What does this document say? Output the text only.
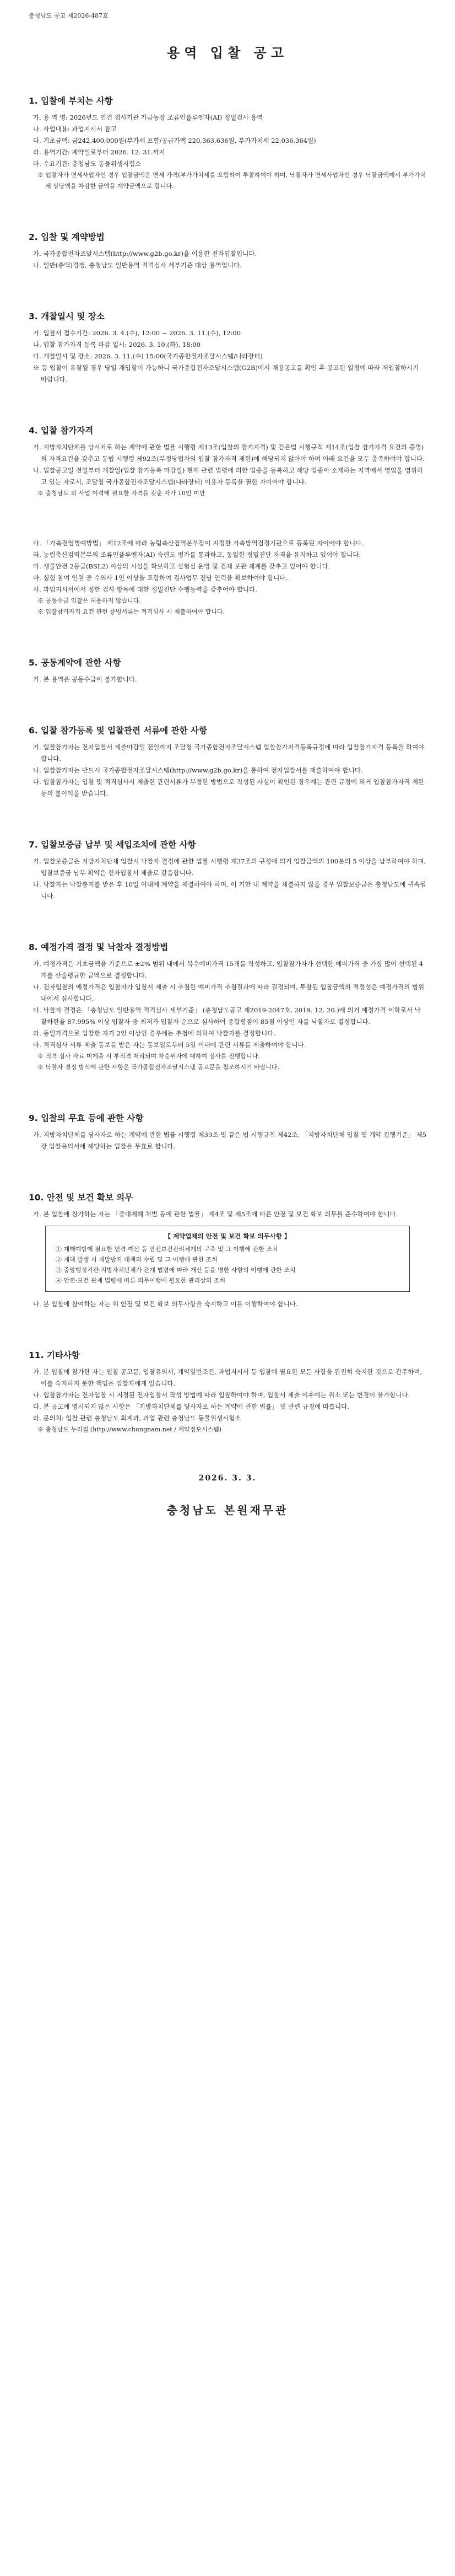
충청남도 공고 제2026-487호

용역 입찰 공고
1. 입찰에 부치는 사항

가. 용 역 명: 2026년도 인건 검사기관 가금농장 조류인플루엔자(AI) 정밀검사 용역

나. 사업내용: 과업지시서 참고

다. 기초금액: 금242,400,000원(부가세 포함/공급가액 220,363,636원, 부가가치세 22,036,364원)

라. 용역기간: 계약일로부터 2026. 12. 31.까지

마. 수요기관: 충청남도 동물위생시험소

※ 입찰자가 면세사업자인 경우 입찰금액은 면세 가격(부가가치세를 포함하여 투찰하여야 하며, 낙찰자가 면세사업자인 경우 낙찰금액에서 부가가치세 상당액을 차감한 금액을 계약금액으로 합니다.

2. 입찰 및 계약방법

가. 국가종합전자조달시스템(http://www.g2b.go.kr)을 이용한 전자입찰입니다.

나. 일반(총액)경쟁, 충청남도 일반용역 적격심사 세부기준 대상 용역입니다.

3. 개찰일시 및 장소

가. 입찰서 접수기간: 2026. 3. 4.(수), 12:00 ~ 2026. 3. 11.(수), 12:00

나. 입찰 참가자격 등록 마감 일시: 2026. 3. 10.(화), 18:00

다. 개찰일시 및 장소: 2026. 3. 11.(수) 15:00(국가종합전자조달시스템/나라장터)

※ 등 입찰이 유찰될 경우 당일 재입찰이 가능하니 국가종합전자조달시스템(G2B)에서 재용공고를 확인 후 공고된 일정에 따라 재입찰하시기 바랍니다.

4. 입찰 참가자격

가. 지방자치단체를 당사자로 하는 계약에 관한 법률 시행령 제13조(입찰의 참가자격) 및 같은법 시행규칙 제14조(입찰 참가자격 요건의 증명)의 자격요건을 갖추고 동법 시행령 제92조(부정당업자의 입찰 참가자격 제한)에 해당되지 않아야 하며 아래 요건을 모두 충족하여야 합니다.

나. 입찰공고일 전일부터 개찰일(입찰 참가등록 마감일) 현재 관련 법령에 의한 업종을 등록하고 해당 업종이 소재하는 지역에서 영업을 영위하고 있는 자로서, 조달청 국가종합전자조달시스템(나라장터) 이용자 등록을 필한 자이어야 합니다.

※ 충청남도 외 사업 이력에 필요한 자격을 갖춘 자가 10인 미만

다. 「가축전염병예방법」 제12조에 따라 농림축산검역본부장이 지정한 가축방역검정기관으로 등록된 자이어야 합니다.

라. 농림축산검역본부의 조류인플루엔자(AI) 숙련도 평가를 통과하고, 동일한 정밀진단 자격을 유지하고 있어야 합니다.

마. 생물안전 2등급(BSL2) 이상의 시설을 확보하고 실험실 운영 및 검체 보관 체계를 갖추고 있어야 합니다.

바. 실험 참여 인원 중 수의사 1인 이상을 포함하여 검사업무 전담 인력을 확보하여야 합니다.

사. 과업지시서에서 정한 검사 항목에 대한 정밀진단 수행능력을 갖추어야 합니다.

※ 공동수급 입찰은 허용하지 않습니다.

※ 입찰참가자격 요건 관련 증빙서류는 적격심사 시 제출하여야 합니다.

5. 공동계약에 관한 사항

가. 본 용역은 공동수급이 불가합니다.

6. 입찰 참가등록 및 입찰관련 서류에 관한 사항

가. 입찰참가자는 전자입찰서 제출마감일 전일까지 조달청 국가종합전자조달시스템 입찰참가자격등록규정에 따라 입찰참가자격 등록을 하여야 합니다.

나. 입찰참가자는 반드시 국가종합전자조달시스템(http://www.g2b.go.kr)을 통하여 전자입찰서를 제출하여야 합니다.

다. 입찰참가자는 입찰 및 적격심사시 제출한 관련서류가 부정한 방법으로 작성된 사실이 확인된 경우에는 관련 규정에 의거 입찰참가자격 제한 등의 불이익을 받습니다.

7. 입찰보증금 납부 및 세입조치에 관한 사항

가. 입찰보증금은 지방자치단체 입찰시 낙찰자 결정에 관한 법률 시행령 제37조의 규정에 의거 입찰금액의 100분의 5 이상을 납부하여야 하며, 입찰보증금 납부 확약은 전자입찰서 제출로 갈음합니다.

나. 낙찰자는 낙찰통지를 받은 후 10일 이내에 계약을 체결하여야 하며, 이 기한 내 계약을 체결하지 않을 경우 입찰보증금은 충청남도에 귀속됩니다.

8. 예정가격 결정 및 낙찰자 결정방법

가. 예정가격은 기초금액을 기준으로 ±2% 범위 내에서 복수예비가격 15개를 작성하고, 입찰참가자가 선택한 예비가격 중 가장 많이 선택된 4개를 산술평균한 금액으로 결정합니다.

나. 전자입찰의 예정가격은 입찰자가 입찰서 제출 시 추첨한 예비가격 추첨결과에 따라 결정되며, 투찰된 입찰금액의 적정성은 예정가격의 범위 내에서 심사합니다.

다. 낙찰자 결정은 「충청남도 일반용역 적격심사 세부기준」 (충청남도공고 제2019-2047호, 2019. 12. 20.)에 의거 예정가격 이하로서 낙찰하한율 87.995% 이상 입찰자 중 최저가 입찰자 순으로 심사하여 종합평점이 85점 이상인 자를 낙찰자로 결정합니다.

라. 동일가격으로 입찰한 자가 2인 이상인 경우에는 추첨에 의하여 낙찰자를 결정합니다.

마. 적격심사 서류 제출 통보를 받은 자는 통보일로부터 5일 이내에 관련 서류를 제출하여야 합니다.

※ 적격 심사 자료 미제출 시 부적격 처리되며 차순위자에 대하여 심사를 진행합니다.

※ 낙찰자 결정 방식에 관한 사항은 국가종합전자조달시스템 공고문을 참조하시기 바랍니다.

9. 입찰의 무효 등에 관한 사항

가. 지방자치단체를 당사자로 하는 계약에 관한 법률 시행령 제39조 및 같은 법 시행규칙 제42조, 「지방자치단체 입찰 및 계약 집행기준」 제5장 입찰유의서에 해당하는 입찰은 무효로 합니다.

10. 안전 및 보건 확보 의무

가. 본 입찰에 참가하는 자는 「중대재해 처벌 등에 관한 법률」 제4조 및 제5조에 따른 안전 및 보건 확보 의무를 준수하여야 합니다.

【 계약업체의 안전 및 보건 확보 의무사항 】

① 재해예방에 필요한 인력·예산 등 안전보건관리체계의 구축 및 그 이행에 관한 조치

② 재해 발생 시 재발방지 대책의 수립 및 그 이행에 관한 조치

③ 중앙행정기관·지방자치단체가 관계 법령에 따라 개선 등을 명한 사항의 이행에 관한 조치

④ 안전·보건 관계 법령에 따른 의무이행에 필요한 관리상의 조치

나. 본 입찰에 참여하는 자는 위 안전 및 보건 확보 의무사항을 숙지하고 이를 이행하여야 합니다.

11. 기타사항

가. 본 입찰에 참가한 자는 입찰 공고문, 입찰유의서, 계약일반조건, 과업지시서 등 입찰에 필요한 모든 사항을 완전히 숙지한 것으로 간주하며, 이를 숙지하지 못한 책임은 입찰자에게 있습니다.

나. 입찰참가자는 전자입찰 시 지정된 전자입찰서 작성 방법에 따라 입찰하여야 하며, 입찰서 제출 이후에는 취소 또는 변경이 불가합니다.

다. 본 공고에 명시되지 않은 사항은 「지방자치단체를 당사자로 하는 계약에 관한 법률」 및 관련 규정에 따릅니다.

라. 문의처: 입찰 관련 충청남도 회계과, 과업 관련 충청남도 동물위생시험소

※ 충청남도 누리집 (http://www.chungnam.net / 계약정보시스템)

2026. 3. 3.
충청남도 본원재무관
